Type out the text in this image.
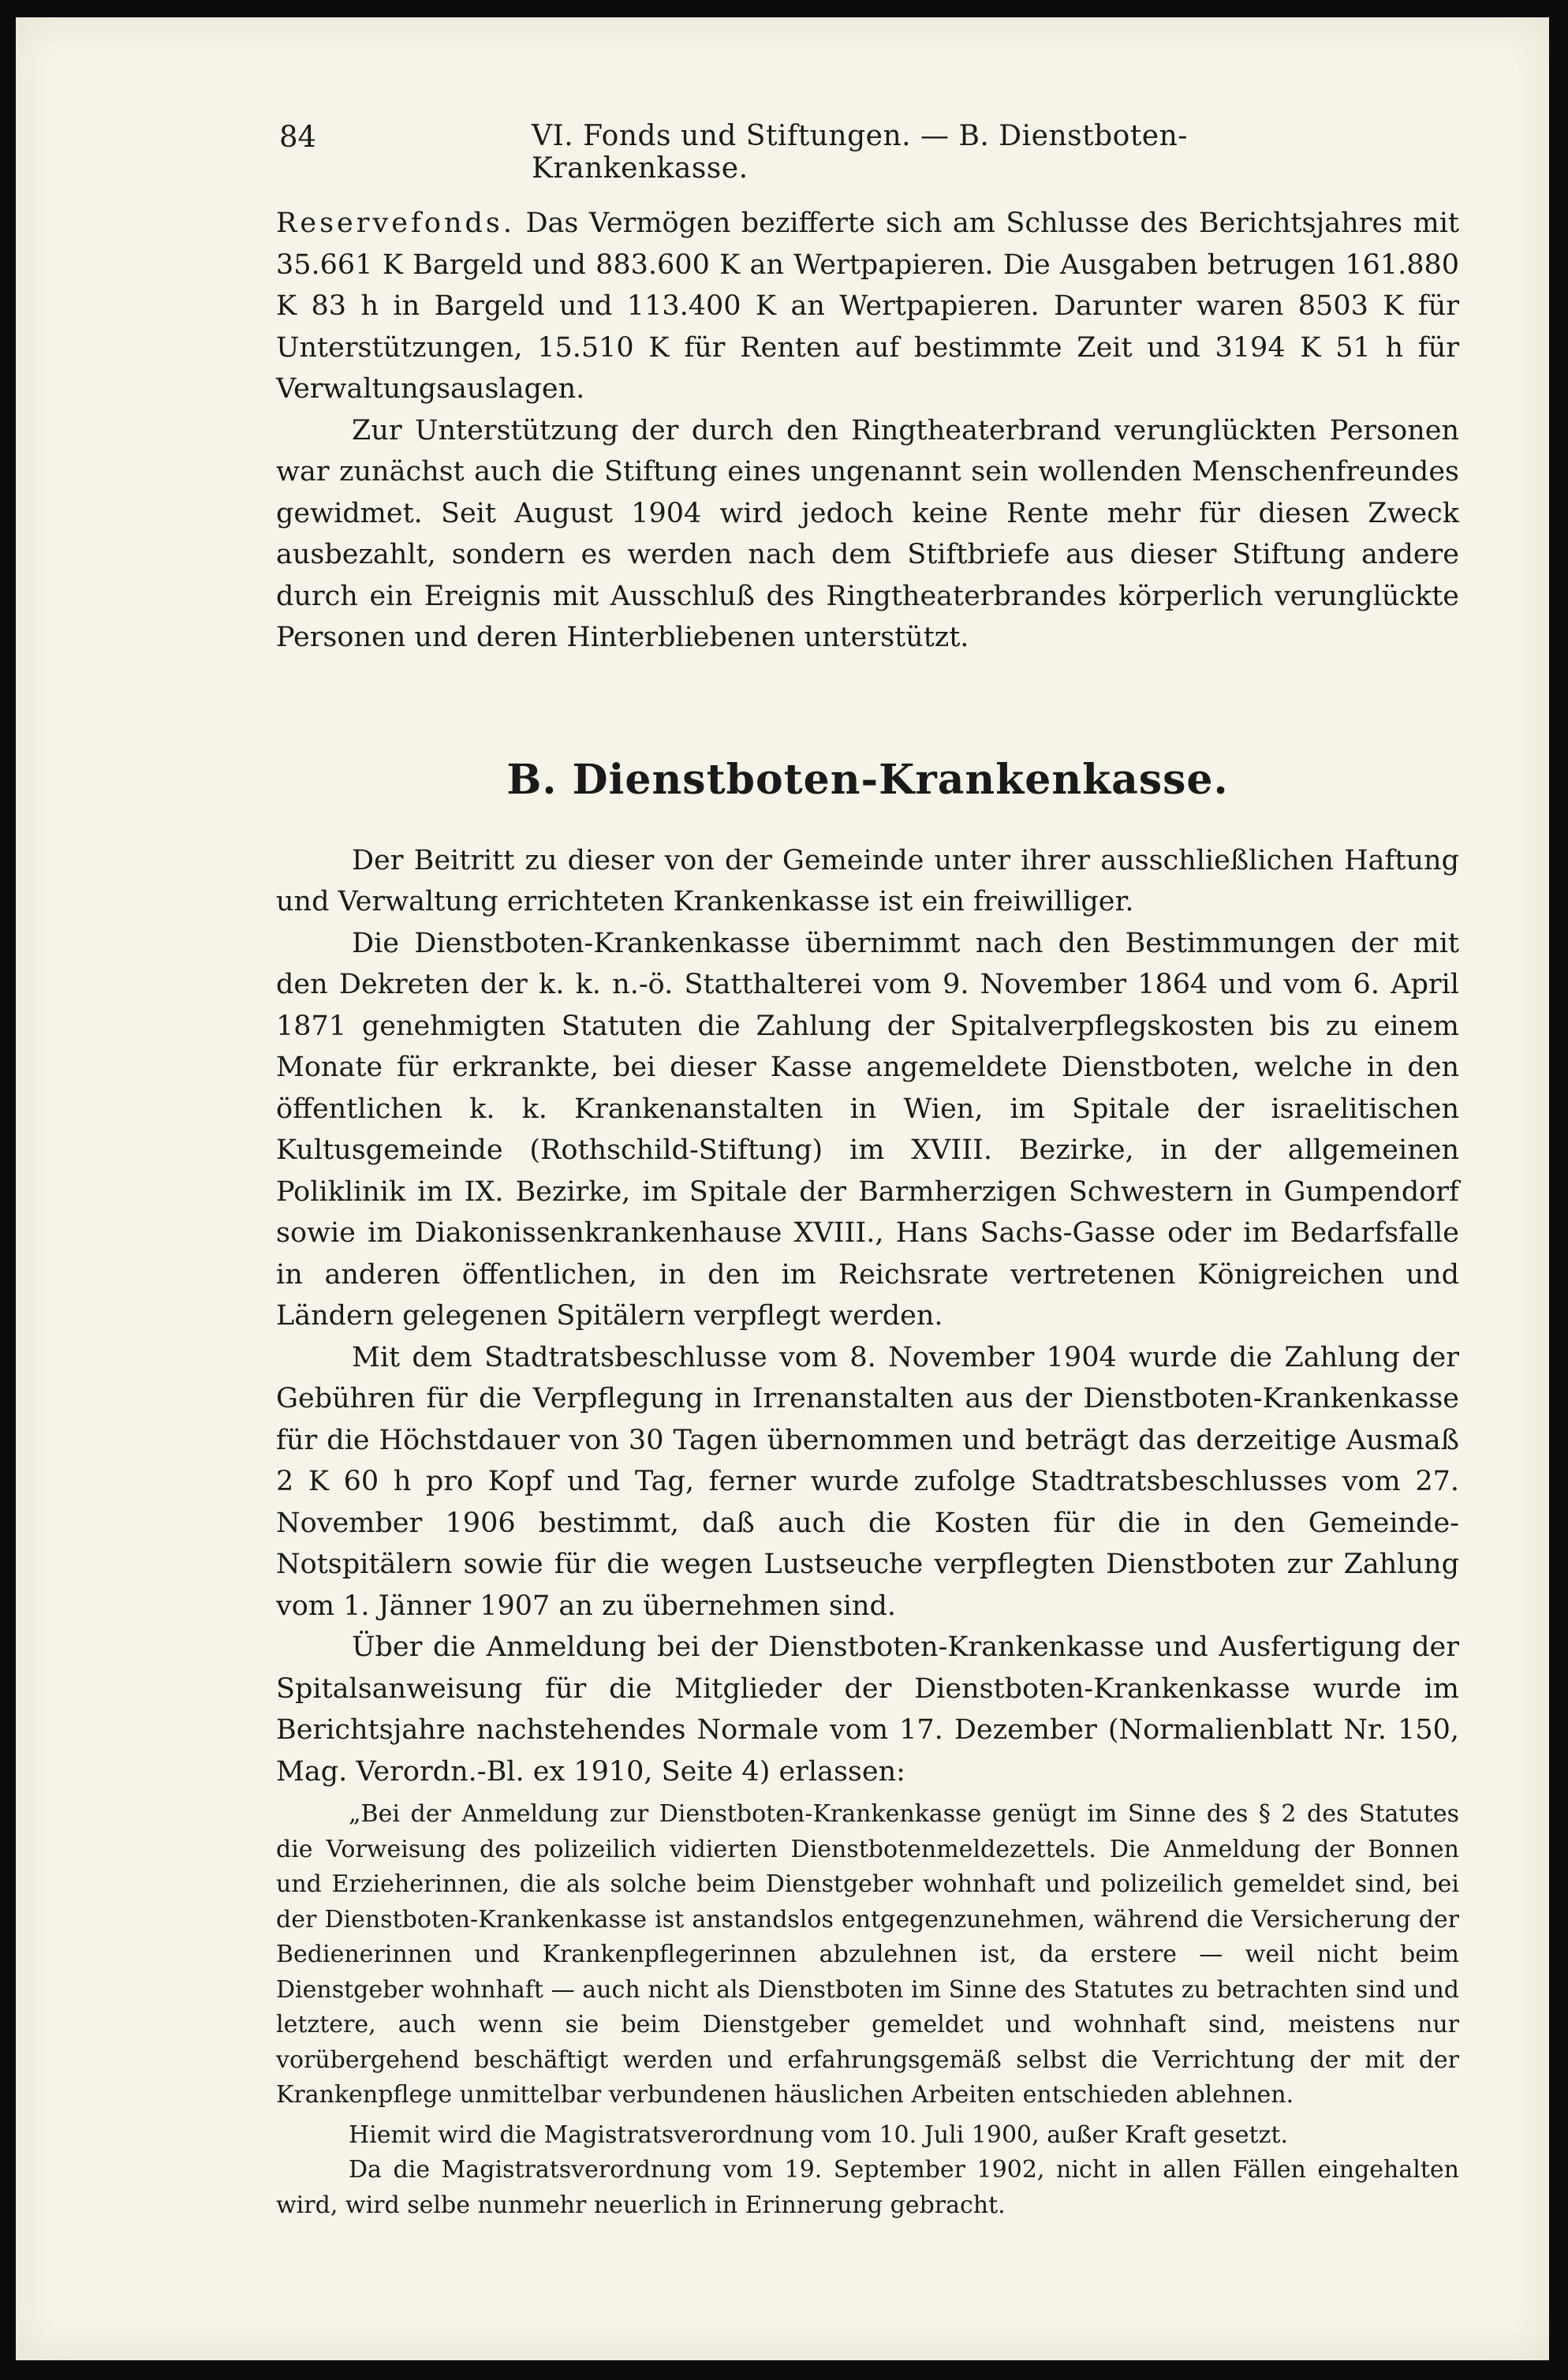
84	VI. Fonds und Stiftungen. — B. Dienstboten-Krankenkasse.

Reservefonds. Das Vermögen bezifferte sich am Schlusse des Berichtsjahres mit 35.661 K Bargeld und 883.600 K an Wertpapieren. Die Ausgaben betrugen 161.880 K 83 h in Bargeld und 113.400 K an Wertpapieren. Darunter waren 8503 K für Unterstützungen, 15.510 K für Renten auf bestimmte Zeit und 3194 K 51 h für Verwaltungsauslagen.

Zur Unterstützung der durch den Ringtheaterbrand verunglückten Personen war zunächst auch die Stiftung eines ungenannt sein wollenden Menschenfreundes gewidmet. Seit August 1904 wird jedoch keine Rente mehr für diesen Zweck ausbezahlt, sondern es werden nach dem Stiftbriefe aus dieser Stiftung andere durch ein Ereignis mit Ausschluß des Ringtheaterbrandes körperlich verunglückte Personen und deren Hinterbliebenen unterstützt.

B. Dienstboten-Krankenkasse.

Der Beitritt zu dieser von der Gemeinde unter ihrer ausschließlichen Haftung und Verwaltung errichteten Krankenkasse ist ein freiwilliger.

Die Dienstboten-Krankenkasse übernimmt nach den Bestimmungen der mit den Dekreten der k. k. n.-ö. Statthalterei vom 9. November 1864 und vom 6. April 1871 genehmigten Statuten die Zahlung der Spitalverpflegskosten bis zu einem Monate für erkrankte, bei dieser Kasse angemeldete Dienstboten, welche in den öffentlichen k. k. Krankenanstalten in Wien, im Spitale der israelitischen Kultusgemeinde (Rothschild-Stiftung) im XVIII. Bezirke, in der allgemeinen Poliklinik im IX. Bezirke, im Spitale der Barmherzigen Schwestern in Gumpendorf sowie im Diakonissenkrankenhause XVIII., Hans Sachs-Gasse oder im Bedarfsfalle in anderen öffentlichen, in den im Reichsrate vertretenen Königreichen und Ländern gelegenen Spitälern verpflegt werden.

Mit dem Stadtratsbeschlusse vom 8. November 1904 wurde die Zahlung der Gebühren für die Verpflegung in Irrenanstalten aus der Dienstboten-Krankenkasse für die Höchstdauer von 30 Tagen übernommen und beträgt das derzeitige Ausmaß 2 K 60 h pro Kopf und Tag, ferner wurde zufolge Stadtratsbeschlusses vom 27. November 1906 bestimmt, daß auch die Kosten für die in den Gemeinde-Notspitälern sowie für die wegen Lustseuche verpflegten Dienstboten zur Zahlung vom 1. Jänner 1907 an zu übernehmen sind.

Über die Anmeldung bei der Dienstboten-Krankenkasse und Ausfertigung der Spitalsanweisung für die Mitglieder der Dienstboten-Krankenkasse wurde im Berichtsjahre nachstehendes Normale vom 17. Dezember (Normalienblatt Nr. 150, Mag. Verordn.-Bl. ex 1910, Seite 4) erlassen:

„Bei der Anmeldung zur Dienstboten-Krankenkasse genügt im Sinne des § 2 des Statutes die Vorweisung des polizeilich vidierten Dienstbotenmeldezettels. Die Anmeldung der Bonnen und Erzieherinnen, die als solche beim Dienstgeber wohnhaft und polizeilich gemeldet sind, bei der Dienstboten-Krankenkasse ist anstandslos entgegenzunehmen, während die Versicherung der Bedienerinnen und Krankenpflegerinnen abzulehnen ist, da erstere — weil nicht beim Dienstgeber wohnhaft — auch nicht als Dienstboten im Sinne des Statutes zu betrachten sind und letztere, auch wenn sie beim Dienstgeber gemeldet und wohnhaft sind, meistens nur vorübergehend beschäftigt werden und erfahrungsgemäß selbst die Verrichtung der mit der Krankenpflege unmittelbar verbundenen häuslichen Arbeiten entschieden ablehnen.

Hiemit wird die Magistratsverordnung vom 10. Juli 1900, außer Kraft gesetzt.

Da die Magistratsverordnung vom 19. September 1902, nicht in allen Fällen eingehalten wird, wird selbe nunmehr neuerlich in Erinnerung gebracht.
